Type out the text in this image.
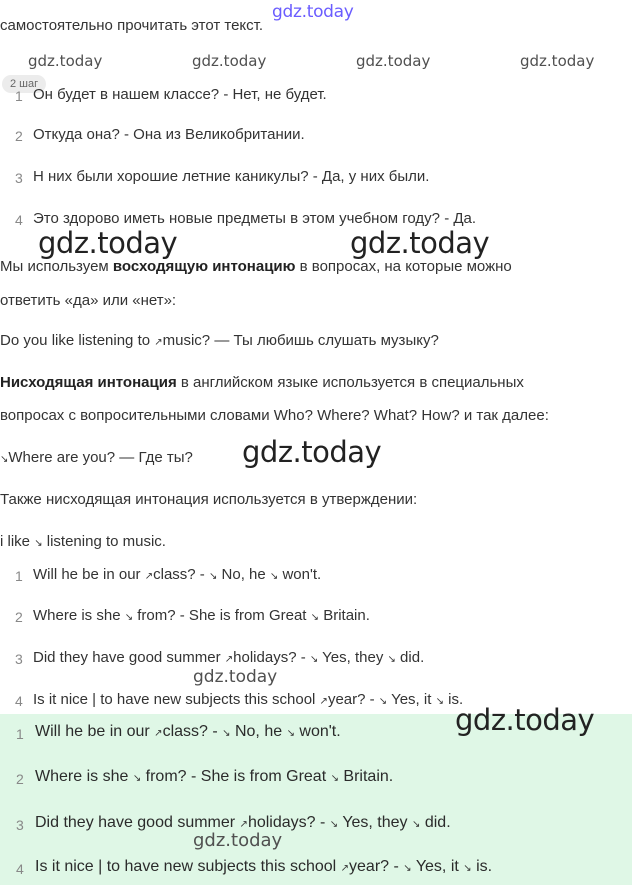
gdz.today
самостоятельно прочитать этот текст.
gdz.today	gdz.today	gdz.today	gdz.today
2 шаг
1 Он будет в нашем классе? - Нет, не будет.
2 Откуда она? - Она из Великобритании.
3 Н них были хорошие летние каникулы? - Да, у них были.
4 Это здорово иметь новые предметы в этом учебном году? - Да.
gdz.today	gdz.today
Мы используем восходящую интонацию в вопросах, на которые можно
ответить «да» или «нет»:
Do you like listening to ↗music? — Ты любишь слушать музыку?
Нисходящая интонация в английском языке используется в специальных
вопросах с вопросительными словами Who? Where? What? How? и так далее:
↘Where are you? — Где ты? gdz.today
Также нисходящая интонация используется в утверждении:
i like ↘ listening to music.
1 Will he be in our ↗class? - ↘ No, he ↘ won't.
2 Where is she ↘ from? - She is from Great ↘ Britain.
3 Did they have good summer ↗holidays? - ↘ Yes, they ↘ did.
gdz.today
4 Is it nice | to have new subjects this school ↗year? - ↘ Yes, it ↘ is.
gdz.today
1 Will he be in our ↗class? - ↘ No, he ↘ won't.
2 Where is she ↘ from? - She is from Great ↘ Britain.
3 Did they have good summer ↗holidays? - ↘ Yes, they ↘ did.
gdz.today
4 Is it nice | to have new subjects this school ↗year? - ↘ Yes, it ↘ is.
